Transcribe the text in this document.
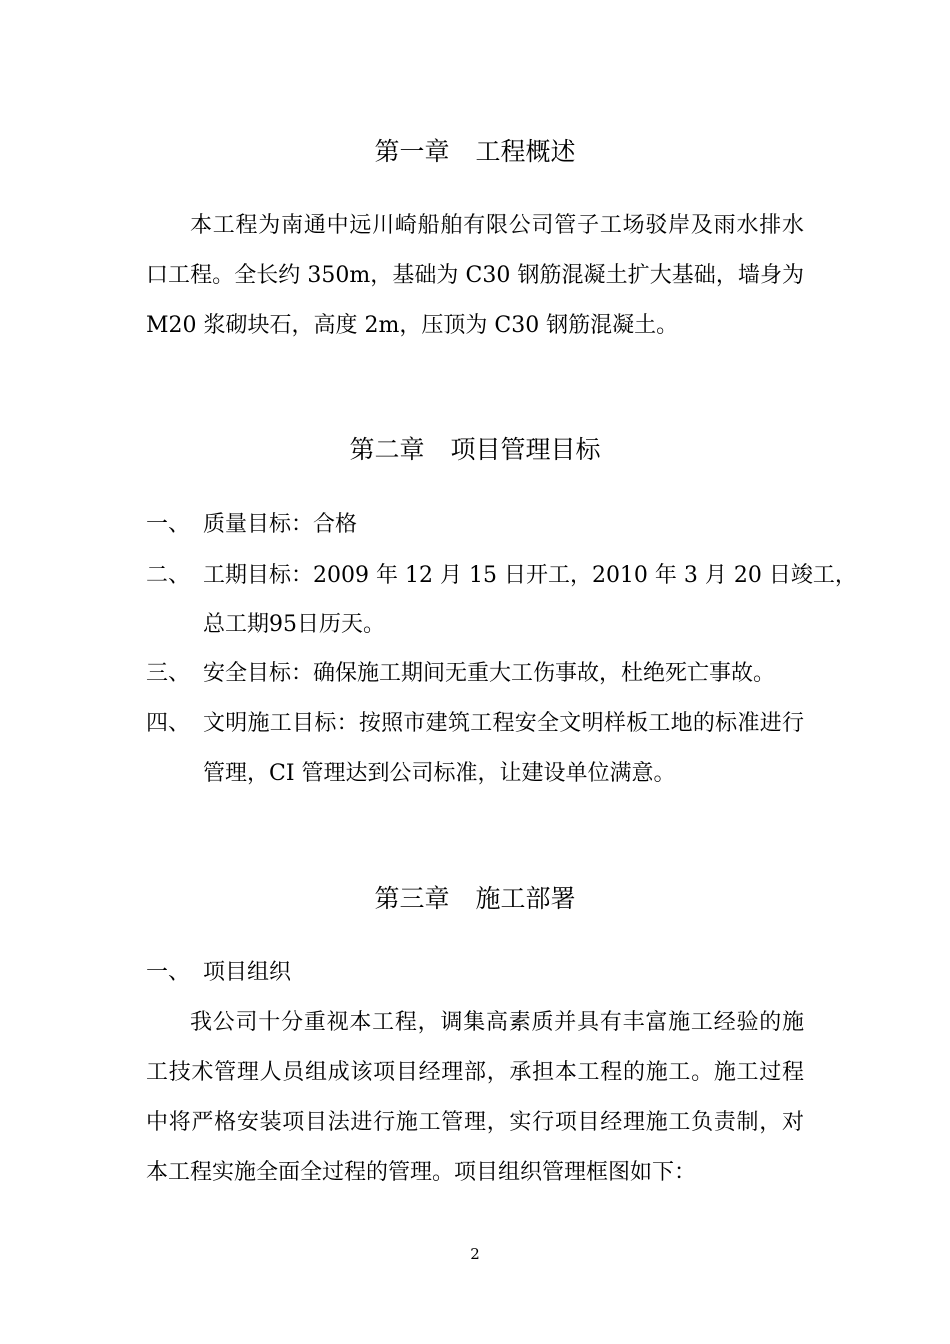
第一章 工程概述
本工程为南通中远川崎船舶有限公司管子工场驳岸及雨水排水
口工程。全长约 350m，基础为 C30 钢筋混凝土扩大基础，墙身为
M20 浆砌块石，高度 2m，压顶为 C30 钢筋混凝土。
第二章 项目管理目标
一、 质量目标：合格
二、 工期目标：2009 年 12 月 15 日开工，2010 年 3 月 20 日竣工，
总工期95日历天。
三、 安全目标：确保施工期间无重大工伤事故，杜绝死亡事故。
四、 文明施工目标：按照市建筑工程安全文明样板工地的标准进行
管理，CI 管理达到公司标准，让建设单位满意。
第三章 施工部署
一、 项目组织
我公司十分重视本工程，调集高素质并具有丰富施工经验的施
工技术管理人员组成该项目经理部，承担本工程的施工。施工过程
中将严格安装项目法进行施工管理，实行项目经理施工负责制，对
本工程实施全面全过程的管理。项目组织管理框图如下：
2
